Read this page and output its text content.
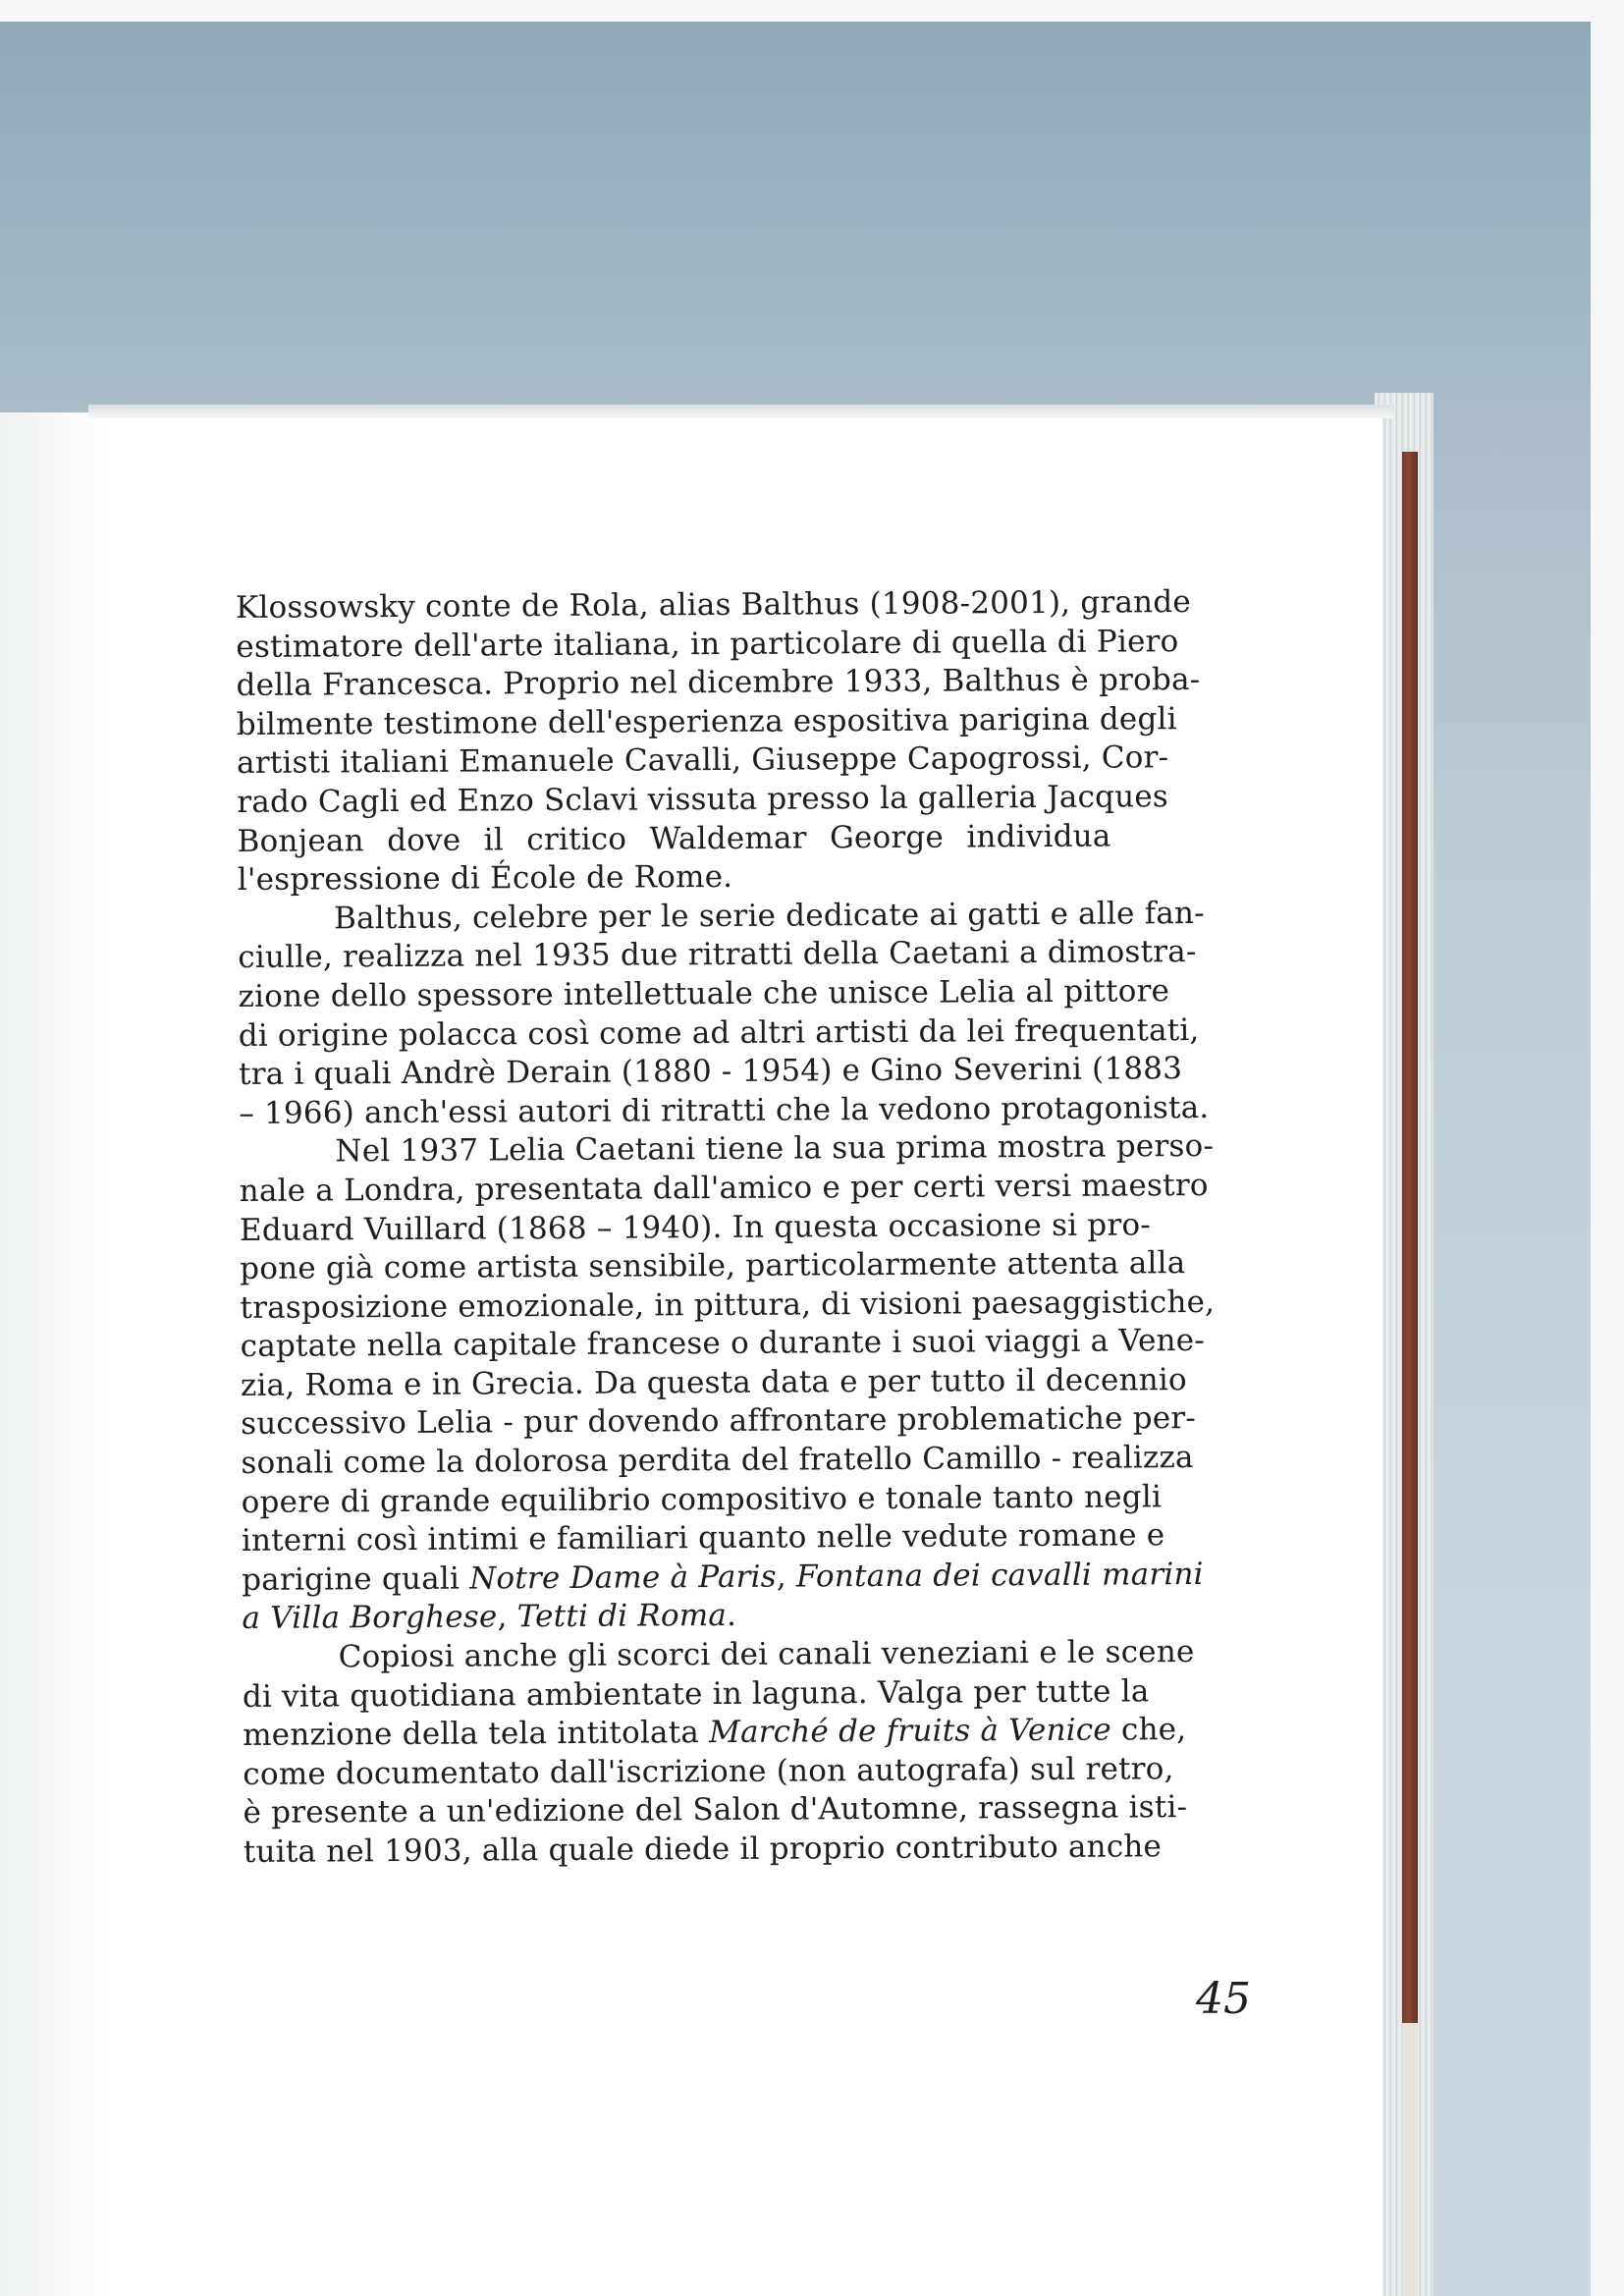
Klossowsky conte de Rola, alias Balthus (1908-2001), grande
estimatore dell'arte italiana, in particolare di quella di Piero
della Francesca. Proprio nel dicembre 1933, Balthus è proba-
bilmente testimone dell'esperienza espositiva parigina degli
artisti italiani Emanuele Cavalli, Giuseppe Capogrossi, Cor-
rado Cagli ed Enzo Sclavi vissuta presso la galleria Jacques
Bonjean dove il critico Waldemar George individua
l'espressione di École de Rome.
Balthus, celebre per le serie dedicate ai gatti e alle fan-
ciulle, realizza nel 1935 due ritratti della Caetani a dimostra-
zione dello spessore intellettuale che unisce Lelia al pittore
di origine polacca così come ad altri artisti da lei frequentati,
tra i quali Andrè Derain (1880 - 1954) e Gino Severini (1883
– 1966) anch'essi autori di ritratti che la vedono protagonista.
Nel 1937 Lelia Caetani tiene la sua prima mostra perso-
nale a Londra, presentata dall'amico e per certi versi maestro
Eduard Vuillard (1868 – 1940). In questa occasione si pro-
pone già come artista sensibile, particolarmente attenta alla
trasposizione emozionale, in pittura, di visioni paesaggistiche,
captate nella capitale francese o durante i suoi viaggi a Vene-
zia, Roma e in Grecia. Da questa data e per tutto il decennio
successivo Lelia - pur dovendo affrontare problematiche per-
sonali come la dolorosa perdita del fratello Camillo - realizza
opere di grande equilibrio compositivo e tonale tanto negli
interni così intimi e familiari quanto nelle vedute romane e
parigine quali Notre Dame à Paris, Fontana dei cavalli marini
a Villa Borghese, Tetti di Roma.
Copiosi anche gli scorci dei canali veneziani e le scene
di vita quotidiana ambientate in laguna. Valga per tutte la
menzione della tela intitolata Marché de fruits à Venice che,
come documentato dall'iscrizione (non autografa) sul retro,
è presente a un'edizione del Salon d'Automne, rassegna isti-
tuita nel 1903, alla quale diede il proprio contributo anche
45
